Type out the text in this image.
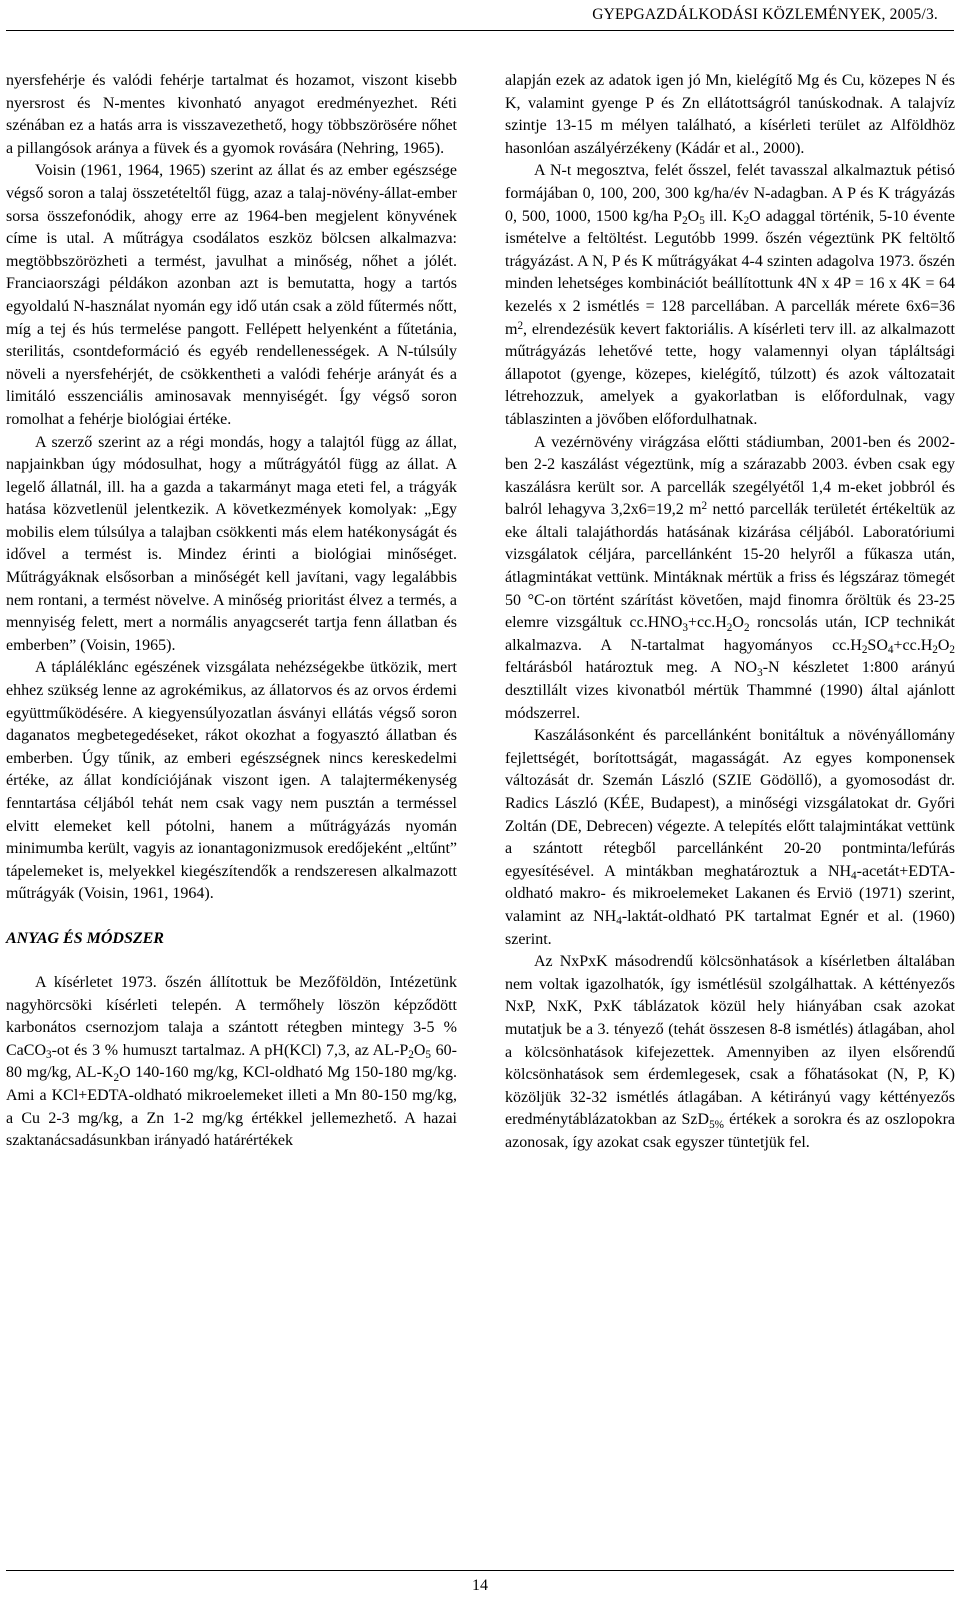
GYEPGAZDÁLKODÁSI KÖZLEMÉNYEK, 2005/3.

nyersfehérje és valódi fehérje tartalmat és hozamot, viszont kisebb nyersrost és N-mentes kivonható anyagot eredményezhet. Réti szénában ez a hatás arra is visszavezethető, hogy többszörösére nőhet a pillangósok aránya a füvek és a gyomok rovására (Nehring, 1965).

Voisin (1961, 1964, 1965) szerint az állat és az ember egészsége végső soron a talaj összetételtől függ, azaz a talaj-növény-állat-ember sorsa összefonódik, ahogy erre az 1964-ben megjelent könyvének címe is utal. A műtrágya csodálatos eszköz bölcsen alkalmazva: megtöbbszörözheti a termést, javulhat a minőség, nőhet a jólét. Franciaországi példákon azonban azt is bemutatta, hogy a tartós egyoldalú N-használat nyomán egy idő után csak a zöld fűtermés nőtt, míg a tej és hús termelése pangott. Fellépett helyenként a fűtetánia, sterilitás, csontdeformáció és egyéb rendellenességek. A N-túlsúly növeli a nyersfehérjét, de csökkentheti a valódi fehérje arányát és a limitáló esszenciális aminosavak mennyiségét. Így végső soron romolhat a fehérje biológiai értéke.

A szerző szerint az a régi mondás, hogy a talajtól függ az állat, napjainkban úgy módosulhat, hogy a műtrágyától függ az állat. A legelő állatnál, ill. ha a gazda a takarmányt maga eteti fel, a trágyák hatása közvetlenül jelentkezik. A következmények komolyak: „Egy mobilis elem túlsúlya a talajban csökkenti más elem hatékonyságát és idővel a termést is. Mindez érinti a biológiai minőséget. Műtrágyáknak elsősorban a minőségét kell javítani, vagy legalábbis nem rontani, a termést növelve. A minőség prioritást élvez a termés, a mennyiség felett, mert a normális anyagcserét tartja fenn állatban és emberben” (Voisin, 1965).

A tápláléklánc egészének vizsgálata nehézségekbe ütközik, mert ehhez szükség lenne az agrokémikus, az állatorvos és az orvos érdemi együttműködésére. A kiegyensúlyozatlan ásványi ellátás végső soron daganatos megbetegedéseket, rákot okozhat a fogyasztó állatban és emberben. Úgy tűnik, az emberi egészségnek nincs kereskedelmi értéke, az állat kondíciójának viszont igen. A talajtermékenység fenntartása céljából tehát nem csak vagy nem pusztán a terméssel elvitt elemeket kell pótolni, hanem a műtrágyázás nyomán minimumba került, vagyis az ionantagonizmusok eredőjeként „eltűnt” tápelemeket is, melyekkel kiegészítendők a rendszeresen alkalmazott műtrágyák (Voisin, 1961, 1964).

ANYAG ÉS MÓDSZER

A kísérletet 1973. őszén állítottuk be Mezőföldön, Intézetünk nagyhörcsöki kísérleti telepén. A termőhely löszön képződött karbonátos csernozjom talaja a szántott rétegben mintegy 3-5 % CaCO$_3$-ot és 3 % humuszt tartalmaz. A pH(KCl) 7,3, az $AL-P_2O_5$ 60-80 mg/kg, $AL-K_2O$ 140-160 mg/kg, KCl-oldható Mg 150-180 mg/kg. Ami a KCl+EDTA-oldható mikroelemeket illeti a Mn 80-150 mg/kg, a Cu 2-3 mg/kg, a Zn 1-2 mg/kg értékkel jellemezhető. A hazai szaktanácsadásunkban irányadó határértékek

alapján ezek az adatok igen jó Mn, kielégítő Mg és Cu, közepes N és K, valamint gyenge P és Zn ellátottságról tanúskodnak. A talajvíz szintje 13-15 m mélyen található, a kísérleti terület az Alföldhöz hasonlóan aszályérzékeny (Kádár et al., 2000).

A N-t megosztva, felét ősszel, felét tavasszal alkalmaztuk pétisó formájában 0, 100, 200, 300 kg/ha/év N-adagban. A P és K trágyázás 0, 500, 1000, 1500 kg/ha $P_2O_5$ ill. $K_2O$ adaggal történik, 5-10 évente ismételve a feltöltést. Legutóbb 1999. őszén végeztünk PK feltöltő trágyázást. A N, P és K műtrágyákat 4-4 szinten adagolva 1973. őszén minden lehetséges kombinációt beállítottunk 4N x 4P = 16 x 4K = 64 kezelés x 2 ismétlés = 128 parcellában. A parcellák mérete 6x6=36 $m^2$, elrendezésük kevert faktoriális. A kísérleti terv ill. az alkalmazott műtrágyázás lehetővé tette, hogy valamennyi olyan tápláltsági állapotot (gyenge, közepes, kielégítő, túlzott) és azok változatait létrehozzuk, amelyek a gyakorlatban is előfordulnak, vagy táblaszinten a jövőben előfordulhatnak.

A vezérnövény virágzása előtti stádiumban, 2001-ben és 2002-ben 2-2 kaszálást végeztünk, míg a szárazabb 2003. évben csak egy kaszálásra került sor. A parcellák szegélyétől 1,4 m-eket jobbról és balról lehagyva 3,2x6=19,2 $m^2$ nettó parcellák területét értékeltük az eke általi talajáthordás hatásának kizárása céljából. Laboratóriumi vizsgálatok céljára, parcellánként 15-20 helyről a fűkasza után, átlagmintákat vettünk. Mintáknak mértük a friss és légszáraz tömegét 50 °C-on történt szárítást követően, majd finomra őröltük és 23-25 elemre vizsgáltuk $cc.HNO_3+cc.H_2O_2$ roncsolás után, ICP technikát alkalmazva. A N-tartalmat hagyományos $cc.H_2SO_4+cc.H_2O_2$ feltárásból határoztuk meg. A $NO_3-N$ készletet 1:800 arányú desztillált vizes kivonatból mértük Thammné (1990) által ajánlott módszerrel.

Kaszálásonként és parcellánként bonitáltuk a növényállomány fejlettségét, borítottságát, magasságát. Az egyes komponensek változását dr. Szemán László (SZIE Gödöllő), a gyomosodást dr. Radics László (KÉE, Budapest), a minőségi vizsgálatokat dr. Győri Zoltán (DE, Debrecen) végezte. A telepítés előtt talajmintákat vettünk a szántott rétegből parcellánként 20-20 pontminta/lefúrás egyesítésével. A mintákban meghatároztuk a $NH_4-acetát+EDTA$-oldható makro- és mikroelemeket Lakanen és Erviö (1971) szerint, valamint az $NH_4-laktát$-oldható PK tartalmat Egnér et al. (1960) szerint.

Az NxPxK másodrendű kölcsönhatások a kísérletben általában nem voltak igazolhatók, így ismétlésül szolgálhattak. A kéttényezős NxP, NxK, PxK táblázatok közül hely hiányában csak azokat mutatjuk be a 3. tényező (tehát összesen 8-8 ismétlés) átlagában, ahol a kölcsönhatások kifejezettek. Amennyiben az ilyen elsőrendű kölcsönhatások sem érdemlegesek, csak a főhatásokat (N, P, K) közöljük 32-32 ismétlés átlagában. A kétirányú vagy kéttényezős eredménytáblázatokban az SzD$_{5\%}$ értékek a sorokra és az oszlopokra azonosak, így azokat csak egyszer tüntetjük fel.

14
